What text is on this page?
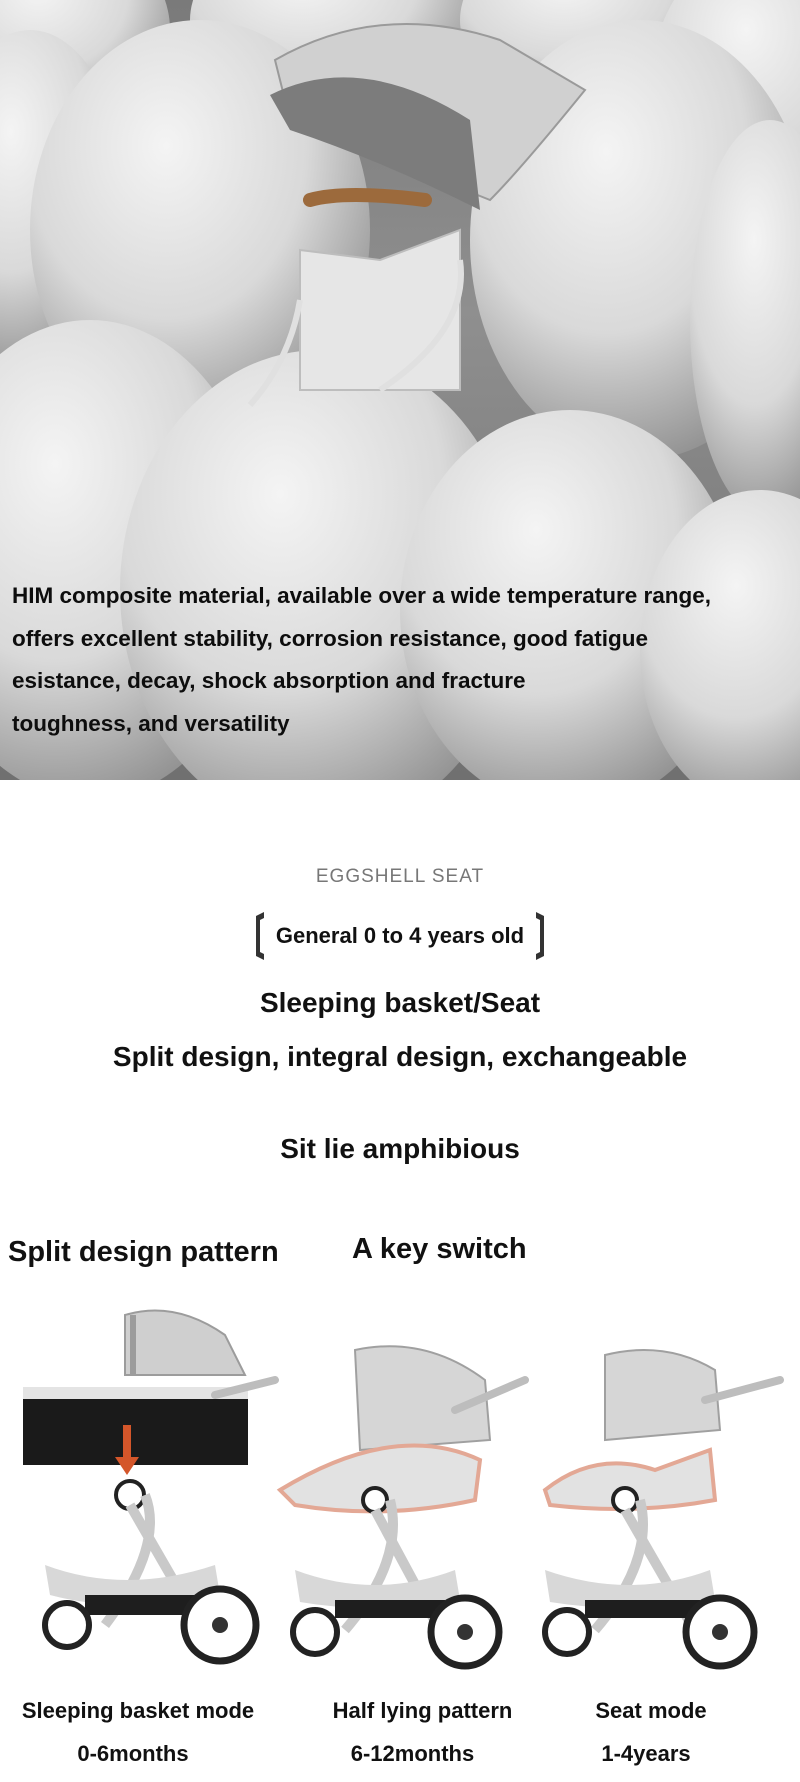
HIM composite material, available over a wide temperature range,
offers excellent stability, corrosion resistance, good fatigue
esistance, decay, shock absorption and fracture
toughness, and versatility
EGGSHELL SEAT
General 0 to 4 years old
Sleeping basket/Seat
Split design, integral design, exchangeable
Sit lie amphibious
Split design pattern	A key switch
Sleeping basket mode
0-6months
Half lying pattern
6-12months
Seat mode
1-4years
